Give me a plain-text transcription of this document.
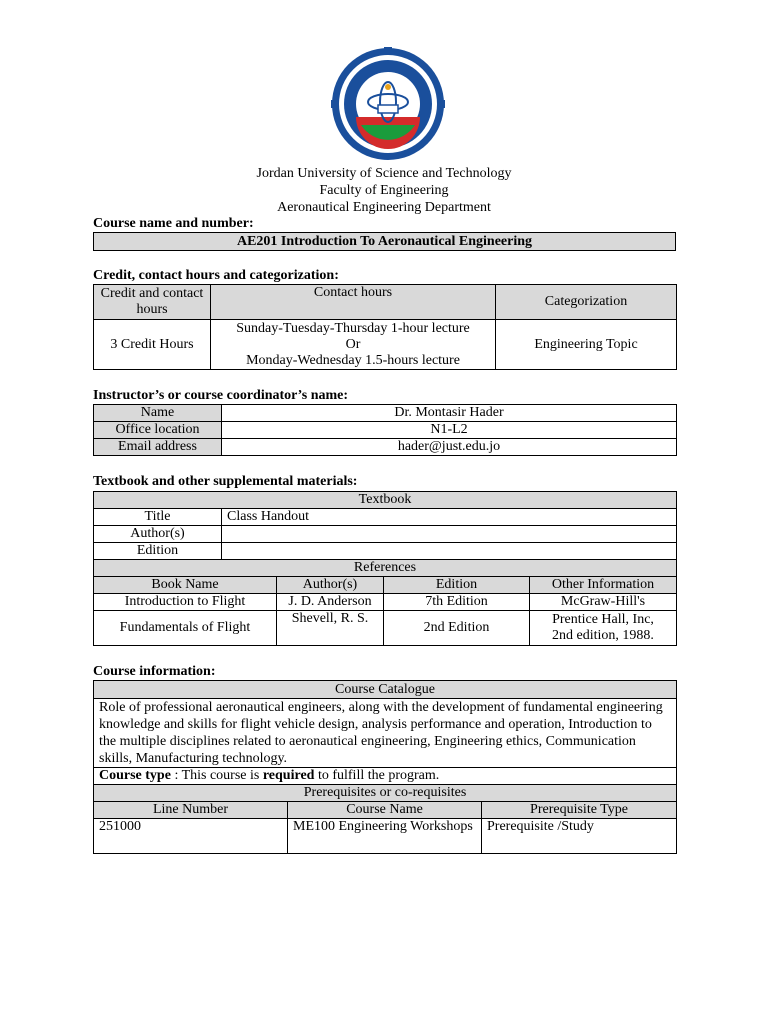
Jordan University of Science and Technology
Faculty of Engineering
Aeronautical Engineering Department
Course name and number:
AE201 Introduction To Aeronautical Engineering
Credit, contact hours and categorization:
Credit and contact hours	Contact hours	Categorization
3 Credit Hours	Sunday-Tuesday-Thursday 1-hour lecture
Or
Monday-Wednesday 1.5-hours lecture	Engineering Topic
Instructor’s or course coordinator’s name:
Name	Dr. Montasir Hader
Office location	N1-L2
Email address	hader@just.edu.jo
Textbook and other supplemental materials:
Textbook	
Title	Class Handout
Author(s)	
Edition	
References			
Book Name	Author(s)	Edition	Other Information
Introduction to Flight	J. D. Anderson	7th Edition	McGraw-Hill's
Fundamentals of Flight	Shevell, R. S.	2nd Edition	Prentice Hall, Inc,
2nd edition, 1988.
Course information:
Course Catalogue		
Role of professional aeronautical engineers, along with the development of fundamental engineering knowledge and skills for flight vehicle design, analysis performance and operation, Introduction to the multiple disciplines related to aeronautical engineering, Engineering ethics, Communication skills, Manufacturing technology.		
Course type : This course is required to fulfill the program.		
Prerequisites or co-requisites		
Line Number	Course Name	Prerequisite Type
251000	ME100 Engineering Workshops	Prerequisite /Study
